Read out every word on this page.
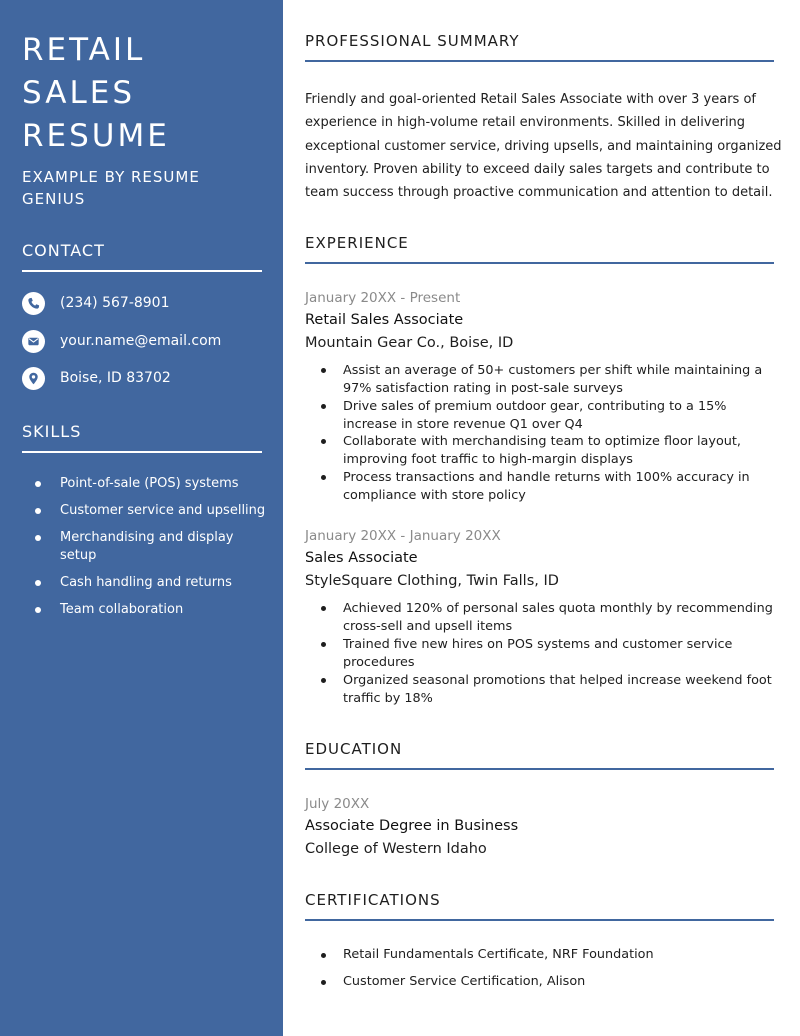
RETAIL
SALES
RESUME
EXAMPLE BY RESUME
GENIUS
CONTACT
(234) 567-8901
your.name@email.com
Boise, ID 83702
SKILLS
Point-of-sale (POS) systems
Customer service and upselling
Merchandising and display setup
Cash handling and returns
Team collaboration
PROFESSIONAL SUMMARY
Friendly and goal-oriented Retail Sales Associate with over 3 years of experience in high-volume retail environments. Skilled in delivering exceptional customer service, driving upsells, and maintaining organized inventory. Proven ability to exceed daily sales targets and contribute to team success through proactive communication and attention to detail.
EXPERIENCE
January 20XX - Present
Retail Sales Associate
Mountain Gear Co., Boise, ID
Assist an average of 50+ customers per shift while maintaining a 97% satisfaction rating in post-sale surveys
Drive sales of premium outdoor gear, contributing to a 15% increase in store revenue Q1 over Q4
Collaborate with merchandising team to optimize floor layout, improving foot traffic to high-margin displays
Process transactions and handle returns with 100% accuracy in compliance with store policy
January 20XX - January 20XX
Sales Associate
StyleSquare Clothing, Twin Falls, ID
Achieved 120% of personal sales quota monthly by recommending cross-sell and upsell items
Trained five new hires on POS systems and customer service procedures
Organized seasonal promotions that helped increase weekend foot traffic by 18%
EDUCATION
July 20XX
Associate Degree in Business
College of Western Idaho
CERTIFICATIONS
Retail Fundamentals Certificate, NRF Foundation
Customer Service Certification, Alison
